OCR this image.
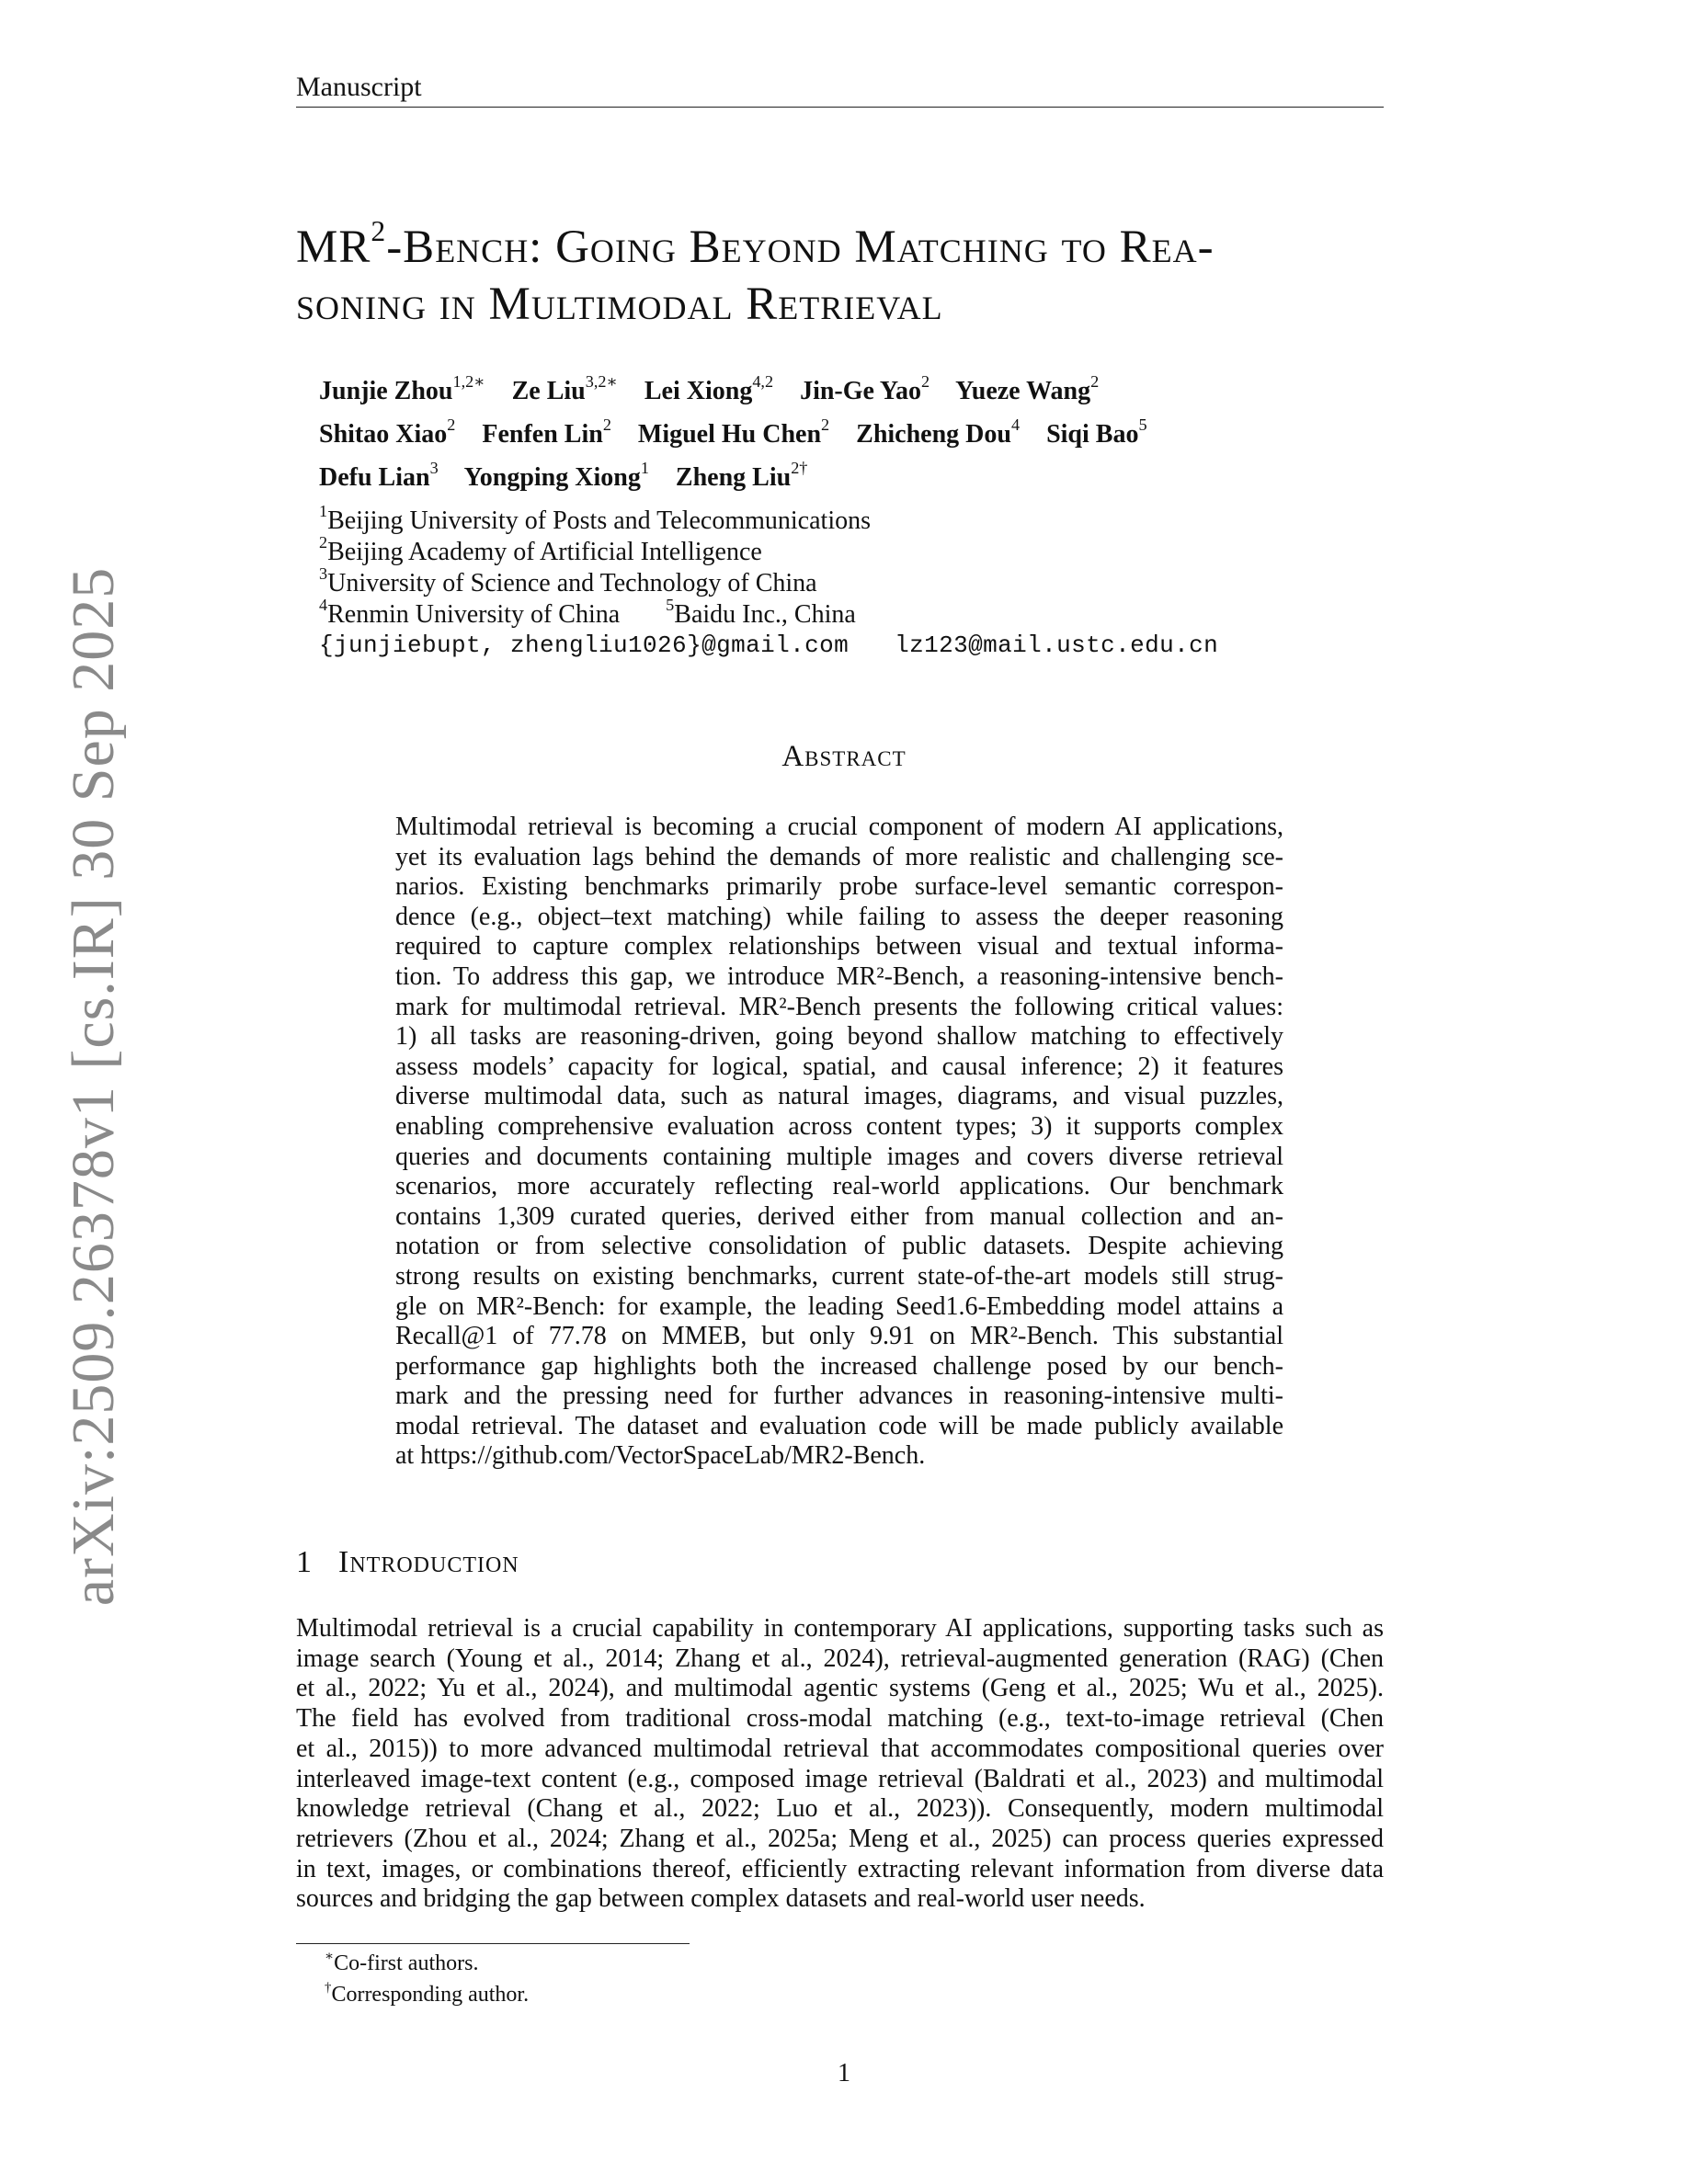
Manuscript
$MR^2$-Bench: Going Beyond Matching to Rea-
soning in Multimodal Retrieval
Junjie Zhou$^{1,2∗}$ Ze Liu$^{3,2∗}$ Lei Xiong$^{4,2}$ Jin-Ge Yao$^2$ Yueze Wang$^2$
Shitao Xiao$^2$ Fenfen Lin$^2$ Miguel Hu Chen$^2$ Zhicheng Dou$^4$ Siqi Bao$^5$
Defu Lian$^3$ Yongping Xiong$^1$ Zheng Liu$^{2\dagger}$
$^1$Beijing University of Posts and Telecommunications
$^2$Beijing Academy of Artificial Intelligence
$^3$University of Science and Technology of China
$^4$Renmin University of China	$^5$Baidu Inc., China
{junjiebupt, zhengliu1026}@gmail.com lz123@mail.ustc.edu.cn
Abstract
Multimodal retrieval is becoming a crucial component of modern AI applications,
yet its evaluation lags behind the demands of more realistic and challenging sce-
narios. Existing benchmarks primarily probe surface-level semantic correspon-
dence (e.g., object–text matching) while failing to assess the deeper reasoning
required to capture complex relationships between visual and textual informa-
tion. To address this gap, we introduce MR²-Bench, a reasoning-intensive bench-
mark for multimodal retrieval. MR²-Bench presents the following critical values:
1) all tasks are reasoning-driven, going beyond shallow matching to effectively
assess models’ capacity for logical, spatial, and causal inference; 2) it features
diverse multimodal data, such as natural images, diagrams, and visual puzzles,
enabling comprehensive evaluation across content types; 3) it supports complex
queries and documents containing multiple images and covers diverse retrieval
scenarios, more accurately reflecting real-world applications. Our benchmark
contains 1,309 curated queries, derived either from manual collection and an-
notation or from selective consolidation of public datasets. Despite achieving
strong results on existing benchmarks, current state-of-the-art models still strug-
gle on MR²-Bench: for example, the leading Seed1.6-Embedding model attains a
Recall@1 of 77.78 on MMEB, but only 9.91 on MR²-Bench. This substantial
performance gap highlights both the increased challenge posed by our bench-
mark and the pressing need for further advances in reasoning-intensive multi-
modal retrieval. The dataset and evaluation code will be made publicly available
at https://github.com/VectorSpaceLab/MR2-Bench.
1 Introduction
Multimodal retrieval is a crucial capability in contemporary AI applications, supporting tasks such as
image search (Young et al., 2014; Zhang et al., 2024), retrieval-augmented generation (RAG) (Chen
et al., 2022; Yu et al., 2024), and multimodal agentic systems (Geng et al., 2025; Wu et al., 2025).
The field has evolved from traditional cross-modal matching (e.g., text-to-image retrieval (Chen
et al., 2015)) to more advanced multimodal retrieval that accommodates compositional queries over
interleaved image-text content (e.g., composed image retrieval (Baldrati et al., 2023) and multimodal
knowledge retrieval (Chang et al., 2022; Luo et al., 2023)). Consequently, modern multimodal
retrievers (Zhou et al., 2024; Zhang et al., 2025a; Meng et al., 2025) can process queries expressed
in text, images, or combinations thereof, efficiently extracting relevant information from diverse data
sources and bridging the gap between complex datasets and real-world user needs.
∗Co-first authors.
†Corresponding author.
1
arXiv:2509.26378v1 [cs.IR] 30 Sep 2025
